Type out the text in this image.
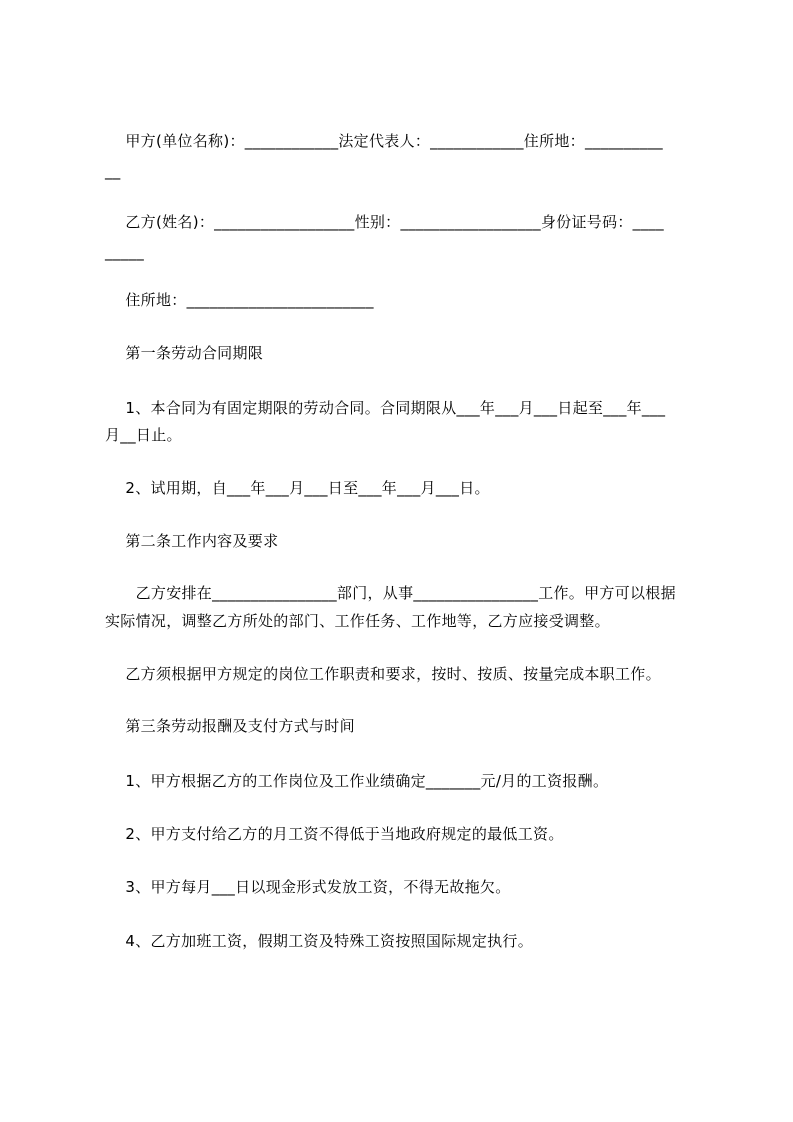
　 甲方(单位名称)：____________法定代表人：____________住所地：__________
__
　 乙方(姓名)：__________________性别：__________________身份证号码：____
_____
　 住所地：________________________
　 第一条劳动合同期限
　 1、本合同为有固定期限的劳动合同。合同期限从___年___月___日起至___年___
月__日止。
　 2、试用期，自___年___月___日至___年___月___日。
　 第二条工作内容及要求
　　乙方安排在________________部门，从事________________工作。甲方可以根据
实际情况，调整乙方所处的部门、工作任务、工作地等，乙方应接受调整。
　 乙方须根据甲方规定的岗位工作职责和要求，按时、按质、按量完成本职工作。
　 第三条劳动报酬及支付方式与时间
　 1、甲方根据乙方的工作岗位及工作业绩确定_______元/月的工资报酬。
　 2、甲方支付给乙方的月工资不得低于当地政府规定的最低工资。
　 3、甲方每月___日以现金形式发放工资，不得无故拖欠。
　 4、乙方加班工资，假期工资及特殊工资按照国际规定执行。
